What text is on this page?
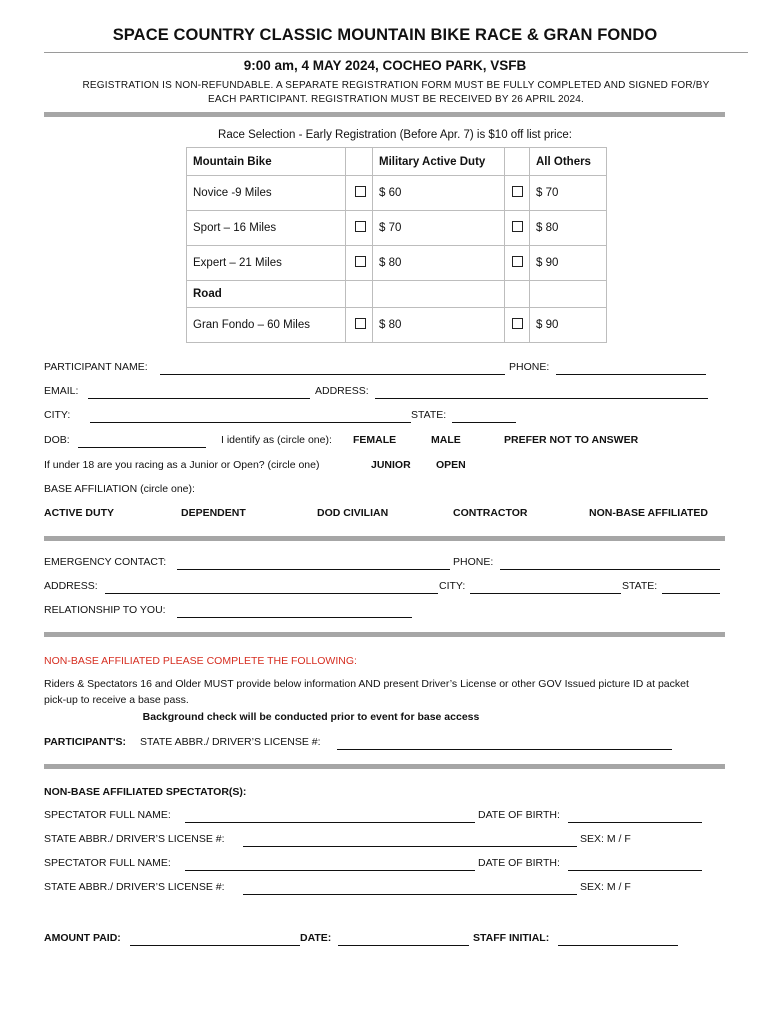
SPACE COUNTRY CLASSIC MOUNTAIN BIKE RACE & GRAN FONDO
9:00 am, 4 MAY 2024, COCHEO PARK, VSFB
REGISTRATION IS NON-REFUNDABLE. A SEPARATE REGISTRATION FORM MUST BE FULLY COMPLETED AND SIGNED FOR/BY
EACH PARTICIPANT. REGISTRATION MUST BE RECEIVED BY 26 APRIL 2024.
Race Selection - Early Registration (Before Apr. 7) is $10 off list price:
Mountain Bike		Military Active Duty		All Others
Novice -9 Miles		$ 60		$ 70
Sport – 16 Miles		$ 70		$ 80
Expert – 21 Miles		$ 80		$ 90
Road				
Gran Fondo – 60 Miles		$ 80		$ 90
PARTICIPANT NAME:	PHONE:
EMAIL:	ADDRESS:
CITY:	STATE:
DOB:	I identify as (circle one): FEMALE	MALE	PREFER NOT TO ANSWER
If under 18 are you racing as a Junior or Open? (circle one)	JUNIOR OPEN
BASE AFFILIATION (circle one):
ACTIVE DUTY	DEPENDENT	DOD CIVILIAN	CONTRACTOR	NON-BASE AFFILIATED
EMERGENCY CONTACT:	PHONE:
ADDRESS:	CITY:	STATE:
RELATIONSHIP TO YOU:
NON-BASE AFFILIATED PLEASE COMPLETE THE FOLLOWING:
Riders & Spectators 16 and Older MUST provide below information AND present Driver’s License or other GOV Issued picture ID at packet
pick-up to receive a base pass.
Background check will be conducted prior to event for base access
PARTICIPANT'S: STATE ABBR./ DRIVER’S LICENSE #:
NON-BASE AFFILIATED SPECTATOR(S):
SPECTATOR FULL NAME:	DATE OF BIRTH:
STATE ABBR./ DRIVER’S LICENSE #:	SEX: M / F
SPECTATOR FULL NAME:	DATE OF BIRTH:
STATE ABBR./ DRIVER’S LICENSE #:	SEX: M / F
AMOUNT PAID:	DATE:	STAFF INITIAL:
